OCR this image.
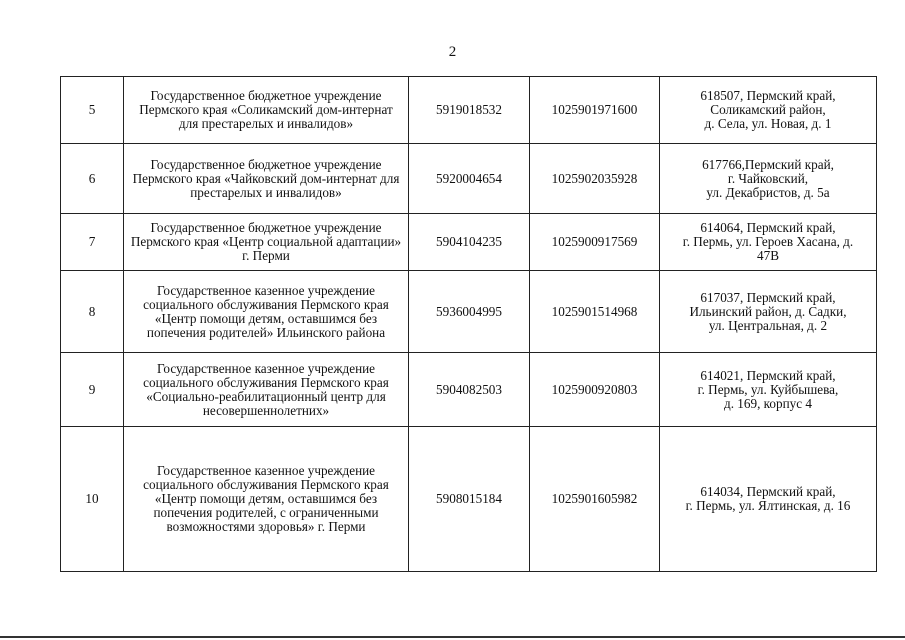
2
5	Государственное бюджетное учреждение Пермского края «Соликамский дом-интернат для престарелых и инвалидов»	5919018532	1025901971600	618507, Пермский край,
Соликамский район,
д. Села, ул. Новая, д. 1

6	Государственное бюджетное учреждение Пермского края «Чайковский дом-интернат для престарелых и инвалидов»	5920004654	1025902035928	617766,Пермский край,
г. Чайковский,
ул. Декабристов, д. 5а

7	Государственное бюджетное учреждение Пермского края «Центр социальной адаптации» г. Перми	5904104235	1025900917569	614064, Пермский край,
г. Пермь, ул. Героев Хасана, д.
47В

8	Государственное казенное учреждение социального обслуживания Пермского края «Центр помощи детям, оставшимся без попечения родителей» Ильинского района	5936004995	1025901514968	617037, Пермский край,
Ильинский район, д. Садки,
ул. Центральная, д. 2

9	Государственное казенное учреждение социального обслуживания Пермского края «Социально-реабилитационный центр для несовершеннолетних»	5904082503	1025900920803	614021, Пермский край,
г. Пермь, ул. Куйбышева,
д. 169, корпус 4

10	Государственное казенное учреждение социального обслуживания Пермского края «Центр помощи детям, оставшимся без попечения родителей, с ограниченными возможностями здоровья» г. Перми	5908015184	1025901605982	614034, Пермский край,
г. Пермь, ул. Ялтинская, д. 16
